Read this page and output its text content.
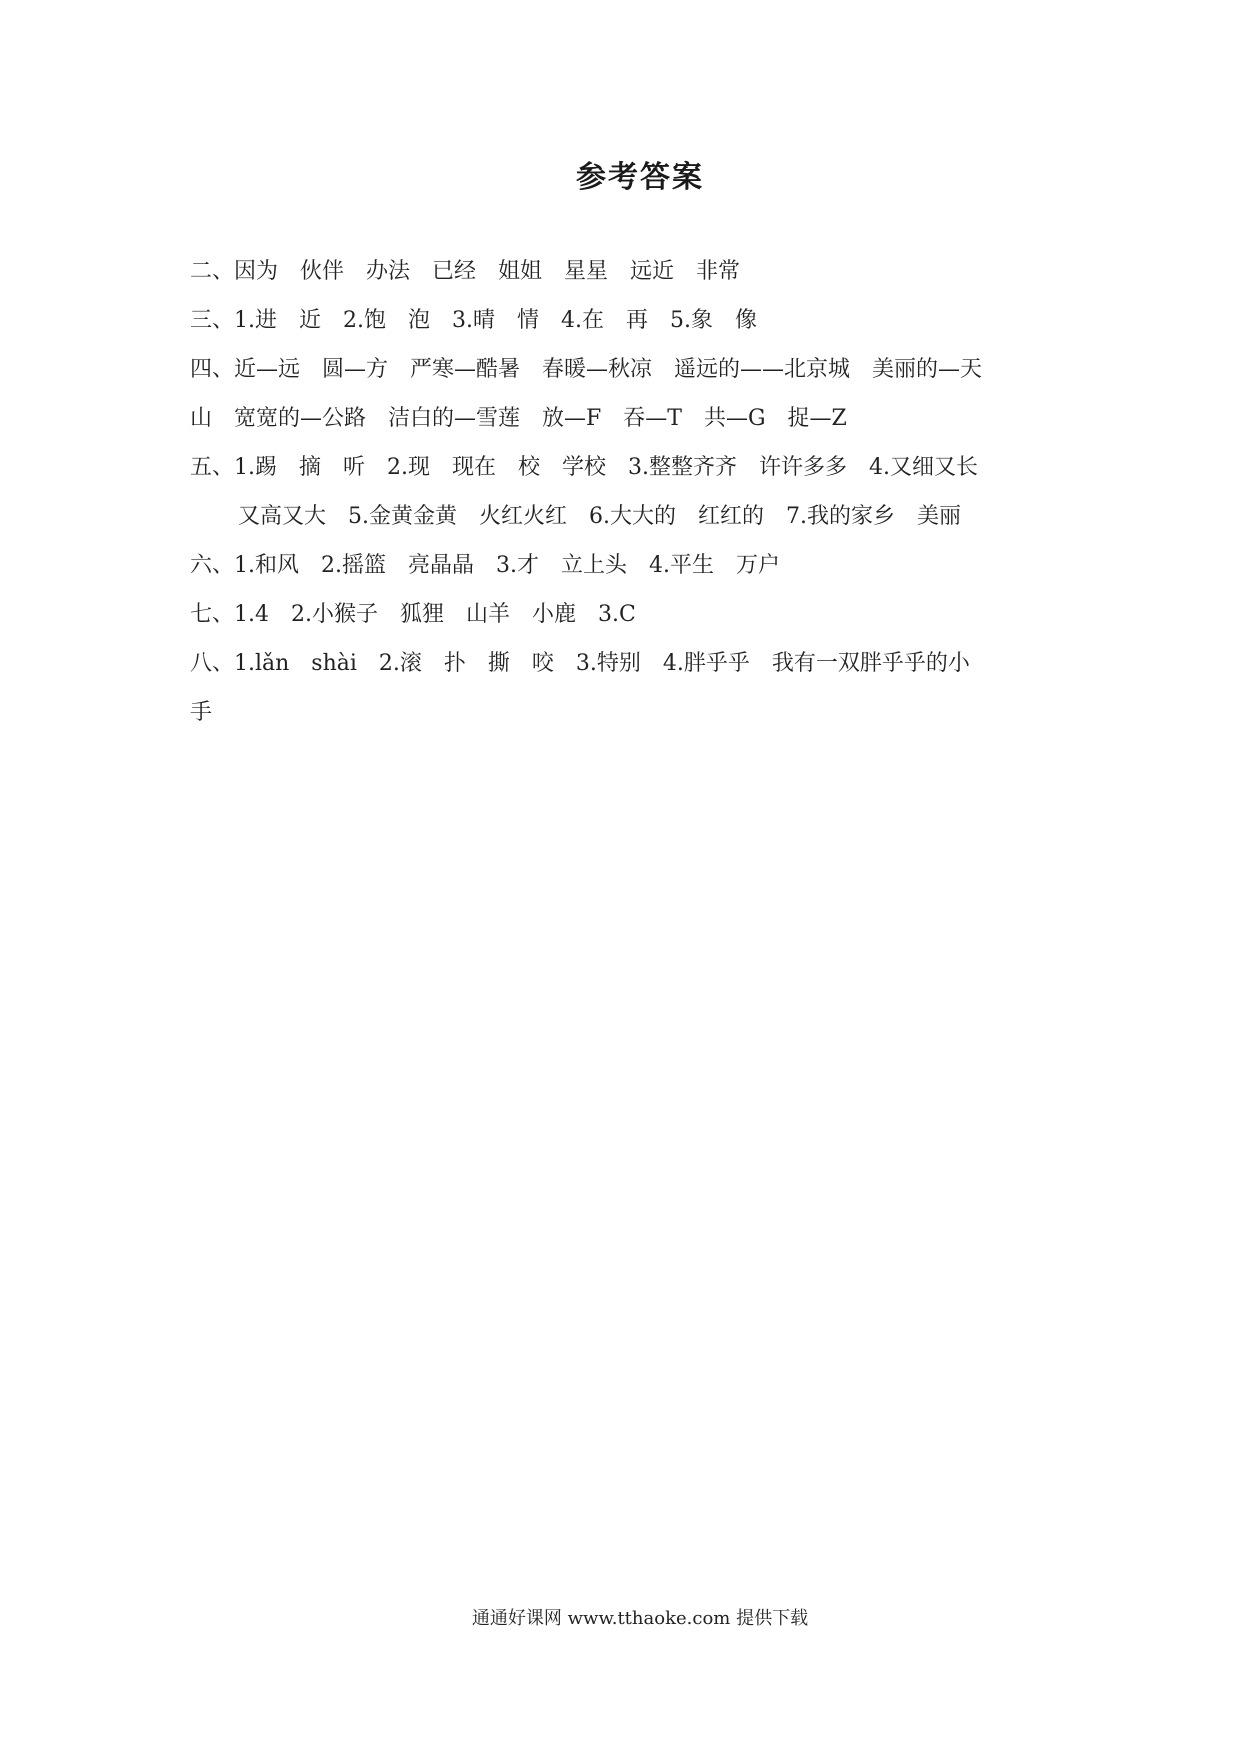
参考答案
二、因为　伙伴　办法　已经　姐姐　星星　远近　非常
三、1.进　近　2.饱　泡　3.晴　情　4.在　再　5.象　像
四、近—远　圆—方　严寒—酷暑　春暖—秋凉　遥远的——北京城　美丽的—天
山　宽宽的—公路　洁白的—雪莲　放—F　吞—T　共—G　捉—Z
五、1.踢　摘　听　2.现　现在　校　学校　3.整整齐齐　许许多多　4.又细又长
又高又大　5.金黄金黄　火红火红　6.大大的　红红的　7.我的家乡　美丽
六、1.和风　2.摇篮　亮晶晶　3.才　立上头　4.平生　万户
七、1.4　2.小猴子　狐狸　山羊　小鹿　3.C
八、1.lǎn　shài　2.滚　扑　撕　咬　3.特别　4.胖乎乎　我有一双胖乎乎的小
手
通通好课网 www.tthaoke.com 提供下载
